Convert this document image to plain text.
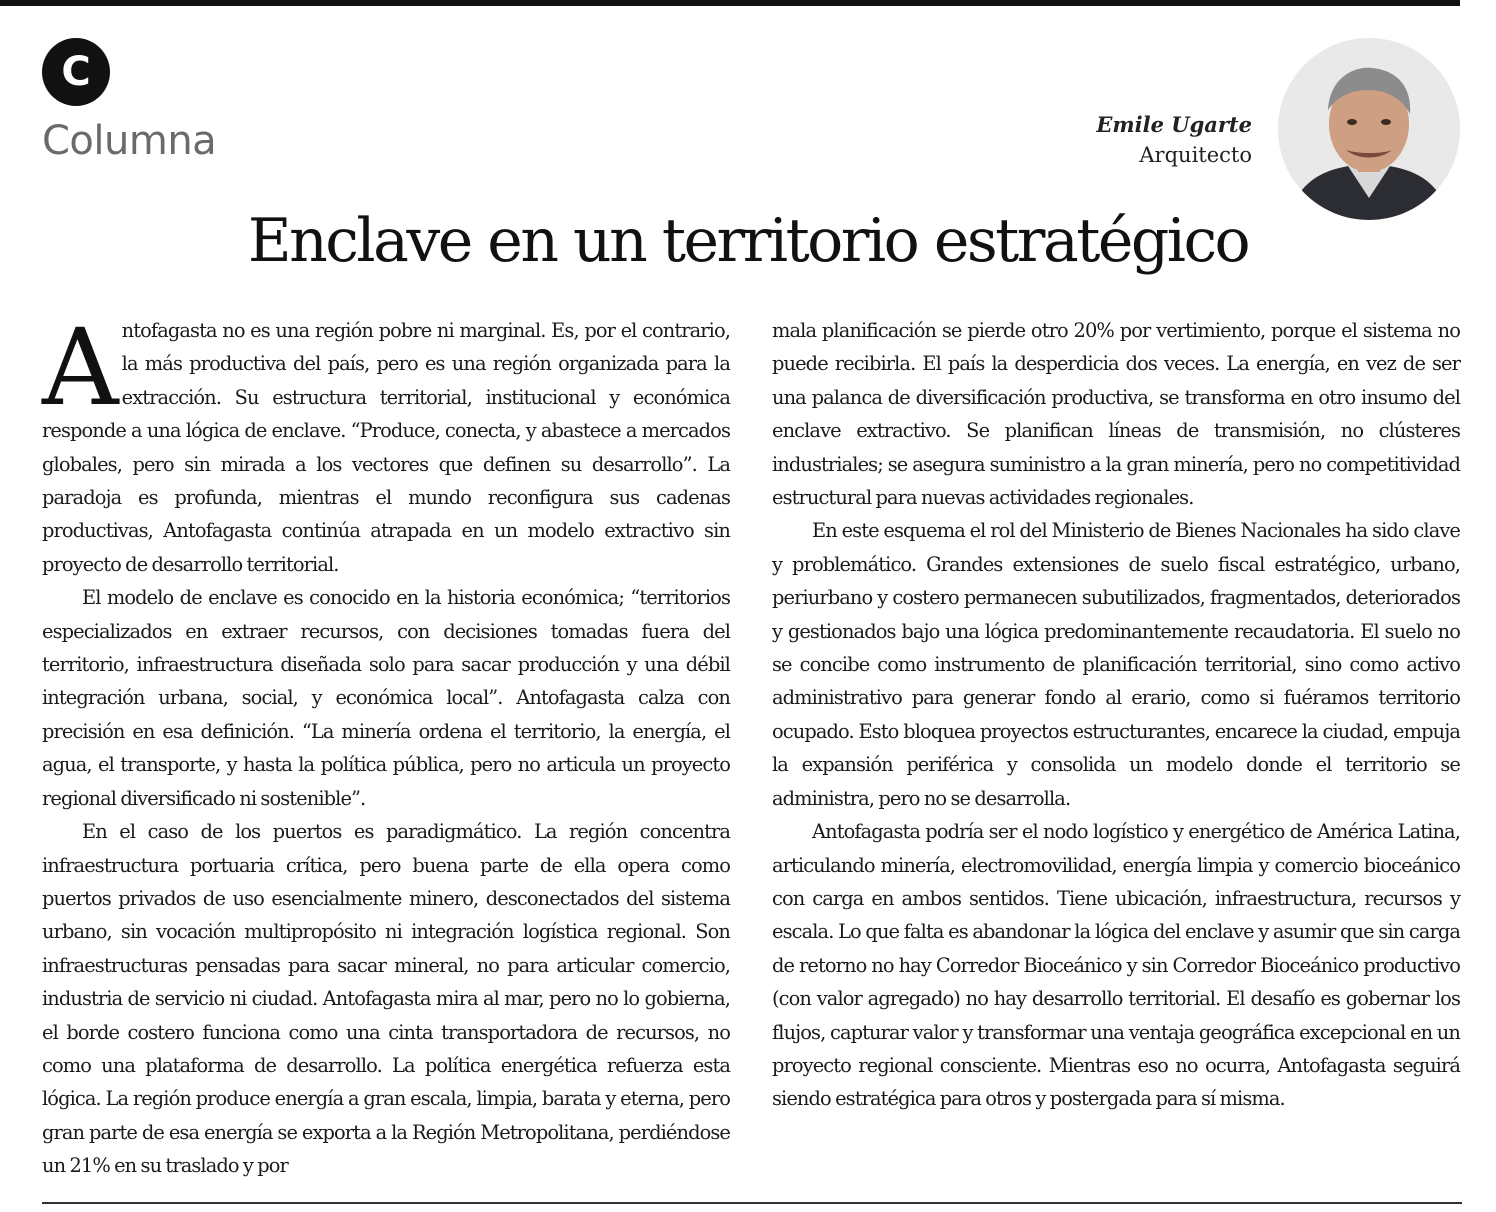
C
Columna	Emile Ugarte
Arquitecto
Enclave en un territorio estratégico

Antofagasta no es una región pobre ni marginal. Es, por el contrario, la más productiva del país, pero es una región organizada para la extracción. Su estructura territorial, institucional y económica responde a una lógica de enclave. “Produce, conecta, y abastece a mercados globales, pero sin mirada a los vectores que definen su desarrollo”. La paradoja es profunda, mientras el mundo reconfigura sus cadenas productivas, Antofagasta continúa atrapada en un modelo extractivo sin proyecto de desarrollo territorial.

El modelo de enclave es conocido en la historia económica; “territorios especializados en extraer recursos, con decisiones tomadas fuera del territorio, infraestructura diseñada solo para sacar producción y una débil integración urbana, social, y económica local”. Antofagasta calza con precisión en esa definición. “La minería ordena el territorio, la energía, el agua, el transporte, y hasta la política pública, pero no articula un proyecto regional diversificado ni sostenible”.

En el caso de los puertos es paradigmático. La región concentra infraestructura portuaria crítica, pero buena parte de ella opera como puertos privados de uso esencialmente minero, desconectados del sistema urbano, sin vocación multipropósito ni integración logística regional. Son infraestructuras pensadas para sacar mineral, no para articular comercio, industria de servicio ni ciudad. Antofagasta mira al mar, pero no lo gobierna, el borde costero funciona como una cinta transportadora de recursos, no como una plataforma de desarrollo. La política energética refuerza esta lógica. La región produce energía a gran escala, limpia, barata y eterna, pero gran parte de esa energía se exporta a la Región Metropolitana, perdiéndose un 21% en su traslado y por

mala planificación se pierde otro 20% por vertimiento, porque el sistema no puede recibirla. El país la desperdicia dos veces. La energía, en vez de ser una palanca de diversificación productiva, se transforma en otro insumo del enclave extractivo. Se planifican líneas de transmisión, no clústeres industriales; se asegura suministro a la gran minería, pero no competitividad estructural para nuevas actividades regionales.

En este esquema el rol del Ministerio de Bienes Nacionales ha sido clave y problemático. Grandes extensiones de suelo fiscal estratégico, urbano, periurbano y costero permanecen subutilizados, fragmentados, deteriorados y gestionados bajo una lógica predominantemente recaudatoria. El suelo no se concibe como instrumento de planificación territorial, sino como activo administrativo para generar fondo al erario, como si fuéramos territorio ocupado. Esto bloquea proyectos estructurantes, encarece la ciudad, empuja la expansión periférica y consolida un modelo donde el territorio se administra, pero no se desarrolla.

Antofagasta podría ser el nodo logístico y energético de América Latina, articulando minería, electromovilidad, energía limpia y comercio bioceánico con carga en ambos sentidos. Tiene ubicación, infraestructura, recursos y escala. Lo que falta es abandonar la lógica del enclave y asumir que sin carga de retorno no hay Corredor Bioceánico y sin Corredor Bioceánico productivo (con valor agregado) no hay desarrollo territorial. El desafío es gobernar los flujos, capturar valor y transformar una ventaja geográfica excepcional en un proyecto regional consciente. Mientras eso no ocurra, Antofagasta seguirá siendo estratégica para otros y postergada para sí misma.
